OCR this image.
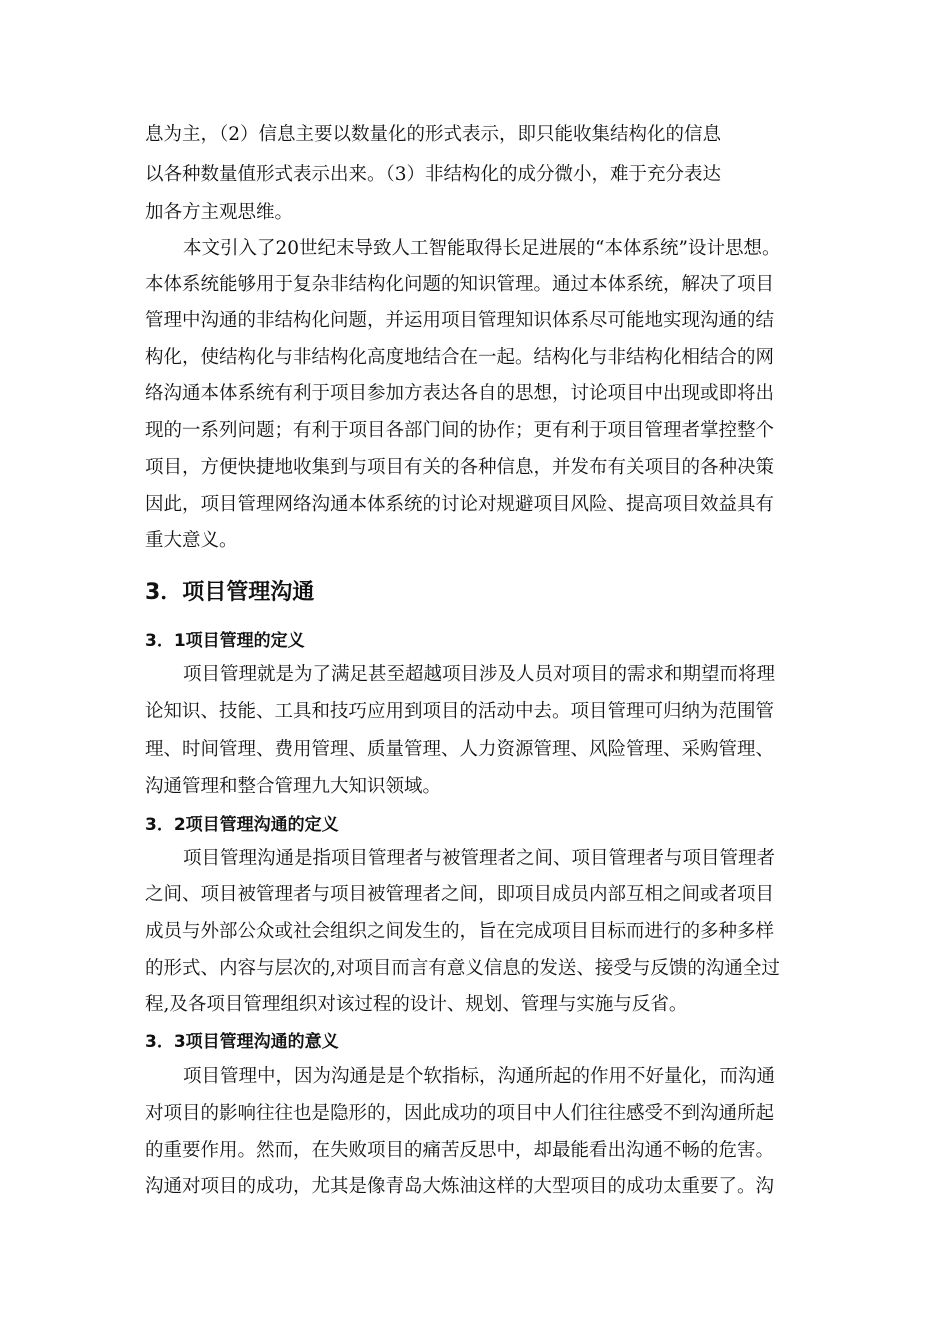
息为主，（2）信息主要以数量化的形式表示，即只能收集结构化的信息
以各种数量值形式表示出来。（3）非结构化的成分微小，难于充分表达
加各方主观思维。
本文引入了20世纪末导致人工智能取得长足进展的“本体系统”设计思想。
本体系统能够用于复杂非结构化问题的知识管理。通过本体系统，解决了项目
管理中沟通的非结构化问题，并运用项目管理知识体系尽可能地实现沟通的结
构化，使结构化与非结构化高度地结合在一起。结构化与非结构化相结合的网
络沟通本体系统有利于项目参加方表达各自的思想，讨论项目中出现或即将出
现的一系列问题；有利于项目各部门间的协作；更有利于项目管理者掌控整个
项目，方便快捷地收集到与项目有关的各种信息，并发布有关项目的各种决策
因此，项目管理网络沟通本体系统的讨论对规避项目风险、提高项目效益具有
重大意义。
3．项目管理沟通
3．1项目管理的定义
项目管理就是为了满足甚至超越项目涉及人员对项目的需求和期望而将理
论知识、技能、工具和技巧应用到项目的活动中去。项目管理可归纳为范围管
理、时间管理、费用管理、质量管理、人力资源管理、风险管理、采购管理、
沟通管理和整合管理九大知识领域。
3．2项目管理沟通的定义
项目管理沟通是指项目管理者与被管理者之间、项目管理者与项目管理者
之间、项目被管理者与项目被管理者之间，即项目成员内部互相之间或者项目
成员与外部公众或社会组织之间发生的，旨在完成项目目标而进行的多种多样
的形式、内容与层次的,对项目而言有意义信息的发送、接受与反馈的沟通全过
程,及各项目管理组织对该过程的设计、规划、管理与实施与反省。
3．3项目管理沟通的意义
项目管理中，因为沟通是是个软指标，沟通所起的作用不好量化，而沟通
对项目的影响往往也是隐形的，因此成功的项目中人们往往感受不到沟通所起
的重要作用。然而，在失败项目的痛苦反思中，却最能看出沟通不畅的危害。
沟通对项目的成功，尤其是像青岛大炼油这样的大型项目的成功太重要了。沟
